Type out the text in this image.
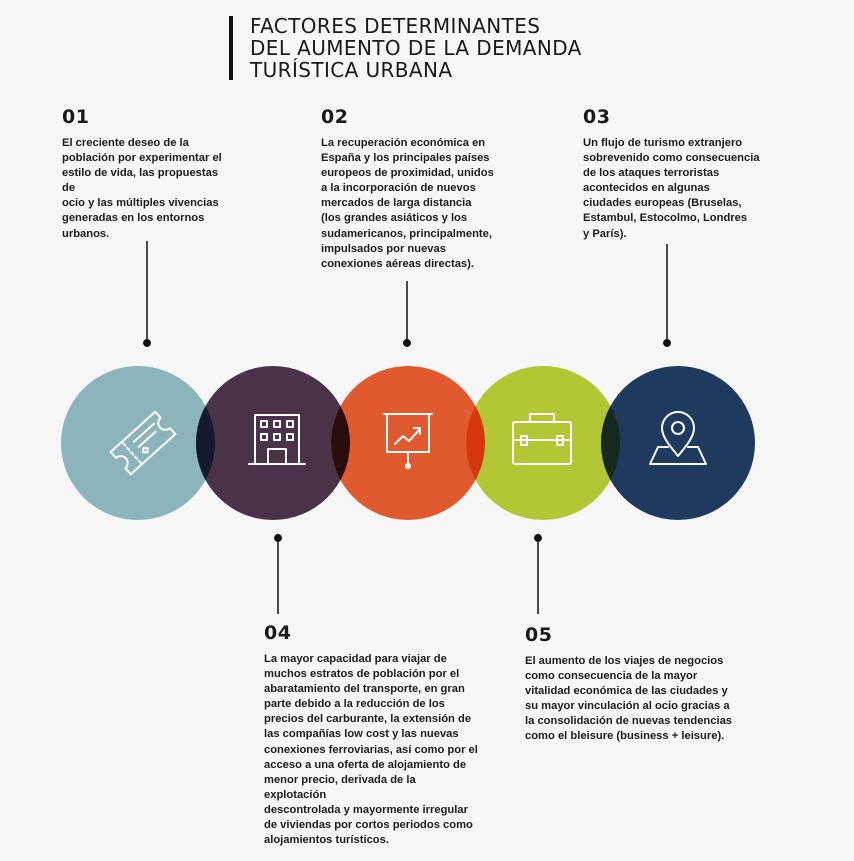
FACTORES DETERMINANTES
DEL AUMENTO DE LA DEMANDA
TURÍSTICA URBANA

01

El creciente deseo de la
población por experimentar el
estilo de vida, las propuestas de
ocio y las múltiples vivencias
generadas en los entornos
urbanos.

02

La recuperación económica en
España y los principales países
europeos de proximidad, unidos
a la incorporación de nuevos
mercados de larga distancia
(los grandes asiáticos y los
sudamericanos, principalmente,
impulsados por nuevas
conexiones aéreas directas).

03

Un flujo de turismo extranjero
sobrevenido como consecuencia
de los ataques terroristas
acontecidos en algunas
ciudades europeas (Bruselas,
Estambul, Estocolmo, Londres
y París).

04

La mayor capacidad para viajar de
muchos estratos de población por el
abaratamiento del transporte, en gran
parte debido a la reducción de los
precios del carburante, la extensión de
las compañías low cost y las nuevas
conexiones ferroviarias, así como por el
acceso a una oferta de alojamiento de
menor precio, derivada de la explotación
descontrolada y mayormente irregular
de viviendas por cortos periodos como
alojamientos turísticos.

05

El aumento de los viajes de negocios
como consecuencia de la mayor
vitalidad económica de las ciudades y
su mayor vinculación al ocio gracias a
la consolidación de nuevas tendencias
como el bleisure (business + leisure).
